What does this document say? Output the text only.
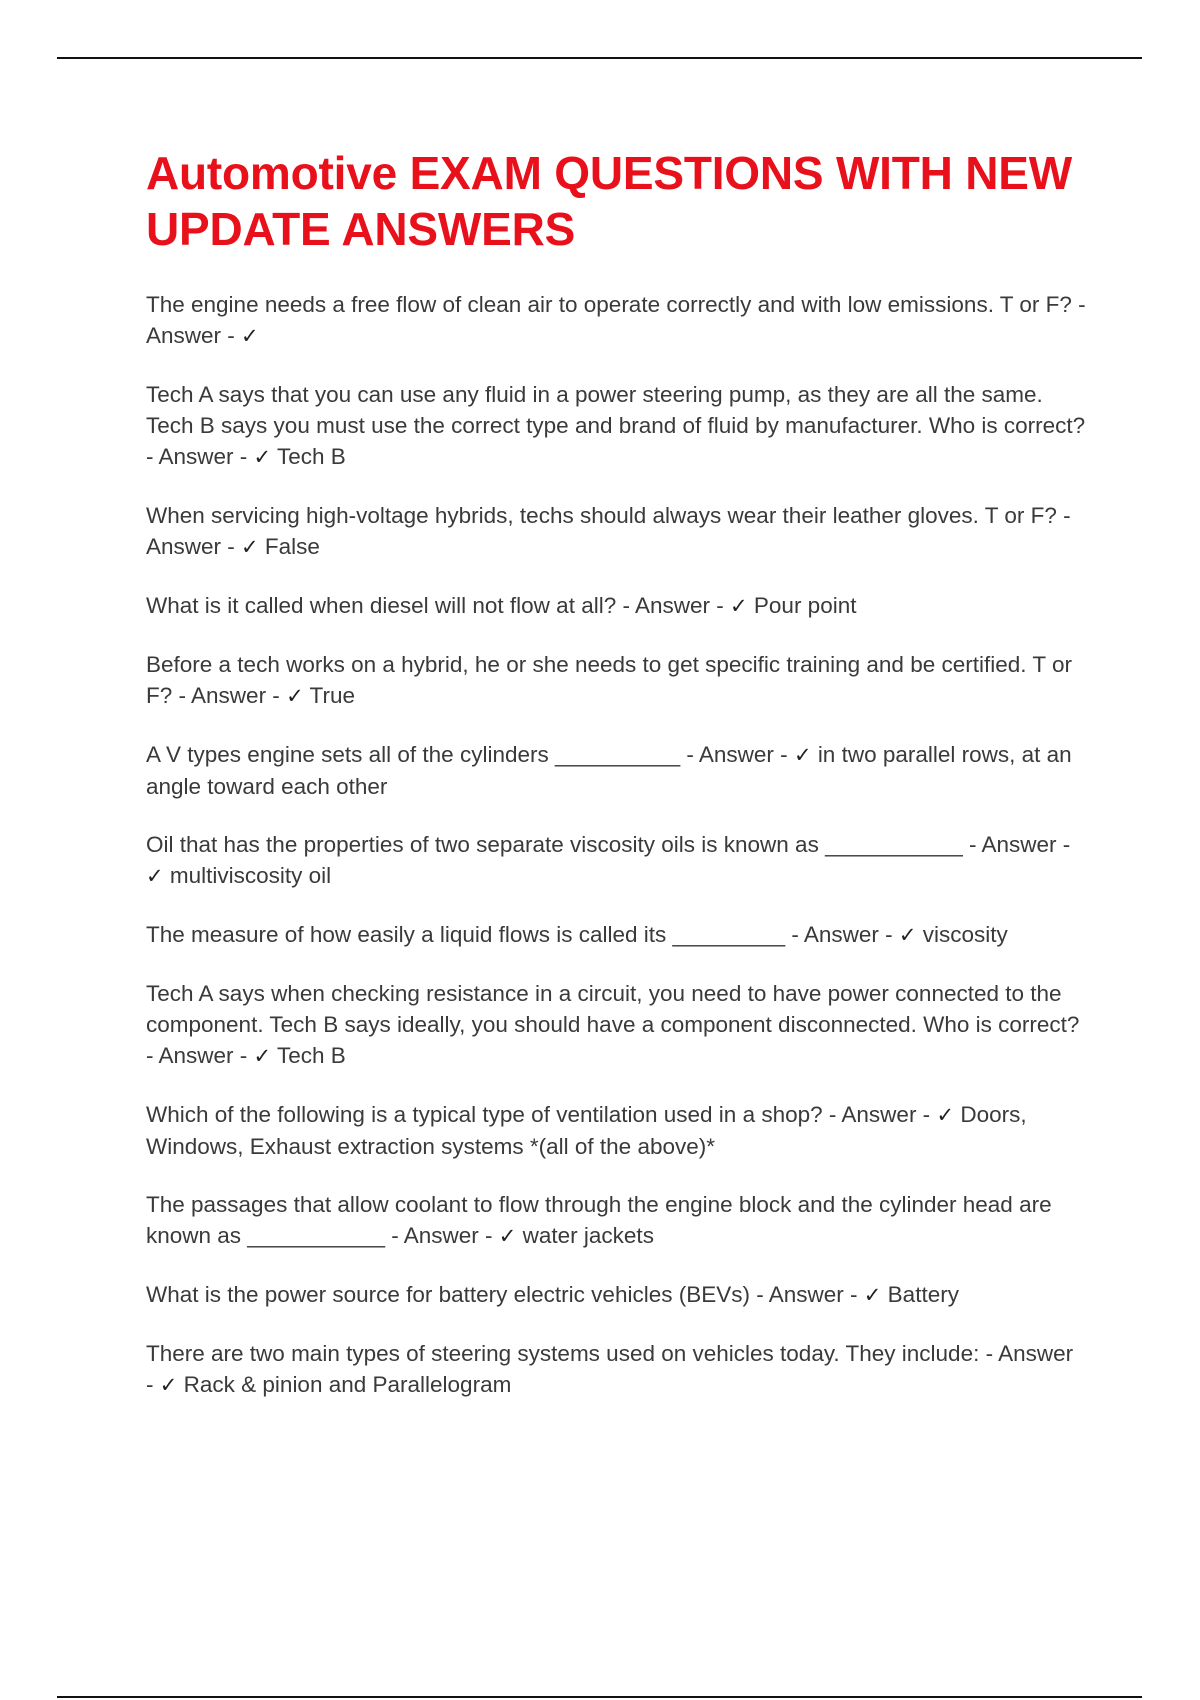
Automotive EXAM QUESTIONS WITH NEW UPDATE ANSWERS
The engine needs a free flow of clean air to operate correctly and with low emissions. T or F? - Answer - ✓
Tech A says that you can use any fluid in a power steering pump, as they are all the same. Tech B says you must use the correct type and brand of fluid by manufacturer. Who is correct? - Answer - ✓ Tech B
When servicing high-voltage hybrids, techs should always wear their leather gloves. T or F? - Answer - ✓ False
What is it called when diesel will not flow at all? - Answer - ✓ Pour point
Before a tech works on a hybrid, he or she needs to get specific training and be certified. T or F? - Answer - ✓ True
A V types engine sets all of the cylinders __________ - Answer - ✓ in two parallel rows, at an angle toward each other
Oil that has the properties of two separate viscosity oils is known as ___________ - Answer - ✓ multiviscosity oil
The measure of how easily a liquid flows is called its _________ - Answer - ✓ viscosity
Tech A says when checking resistance in a circuit, you need to have power connected to the component. Tech B says ideally, you should have a component disconnected. Who is correct? - Answer - ✓ Tech B
Which of the following is a typical type of ventilation used in a shop? - Answer - ✓ Doors, Windows, Exhaust extraction systems *(all of the above)*
The passages that allow coolant to flow through the engine block and the cylinder head are known as ___________ - Answer - ✓ water jackets
What is the power source for battery electric vehicles (BEVs) - Answer - ✓ Battery
There are two main types of steering systems used on vehicles today. They include: - Answer - ✓ Rack & pinion and Parallelogram
